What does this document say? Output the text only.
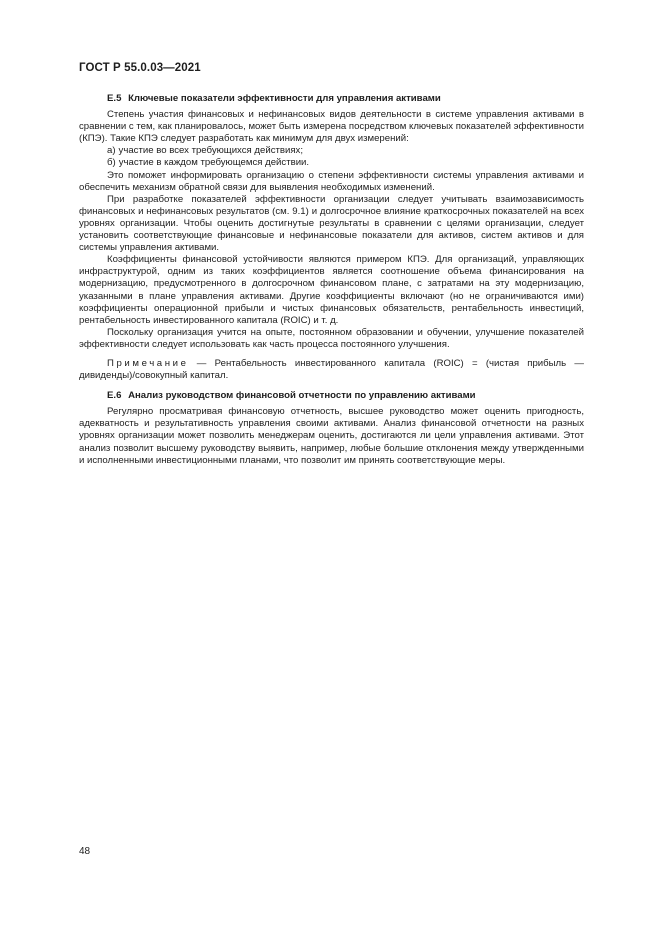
ГОСТ Р 55.0.03—2021
Е.5 Ключевые показатели эффективности для управления активами

Степень участия финансовых и нефинансовых видов деятельности в системе управления активами в сравнении с тем, как планировалось, может быть измерена посредством ключевых показателей эффективности (КПЭ). Такие КПЭ следует разработать как минимум для двух измерений:

а) участие во всех требующихся действиях;
б) участие в каждом требующемся действии.

Это поможет информировать организацию о степени эффективности системы управления активами и обеспечить механизм обратной связи для выявления необходимых изменений.

При разработке показателей эффективности организации следует учитывать взаимозависимость финансовых и нефинансовых результатов (см. 9.1) и долгосрочное влияние краткосрочных показателей на всех уровнях организации. Чтобы оценить достигнутые результаты в сравнении с целями организации, следует установить соответствующие финансовые и нефинансовые показатели для активов, систем активов и для системы управления активами.

Коэффициенты финансовой устойчивости являются примером КПЭ. Для организаций, управляющих инфраструктурой, одним из таких коэффициентов является соотношение объема финансирования на модернизацию, предусмотренного в долгосрочном финансовом плане, с затратами на эту модернизацию, указанными в плане управления активами. Другие коэффициенты включают (но не ограничиваются ими) коэффициенты операционной прибыли и чистых финансовых обязательств, рентабельность инвестиций, рентабельность инвестированного капитала (ROIC) и т. д.

Поскольку организация учится на опыте, постоянном образовании и обучении, улучшение показателей эффективности следует использовать как часть процесса постоянного улучшения.

Примечание — Рентабельность инвестированного капитала (ROIC) = (чистая прибыль — дивиденды)/совокупный капитал.

Е.6 Анализ руководством финансовой отчетности по управлению активами

Регулярно просматривая финансовую отчетность, высшее руководство может оценить пригодность, адекватность и результативность управления своими активами. Анализ финансовой отчетности на разных уровнях организации может позволить менеджерам оценить, достигаются ли цели управления активами. Этот анализ позволит высшему руководству выявить, например, любые большие отклонения между утвержденными и исполненными инвестиционными планами, что позволит им принять соответствующие меры.

48
